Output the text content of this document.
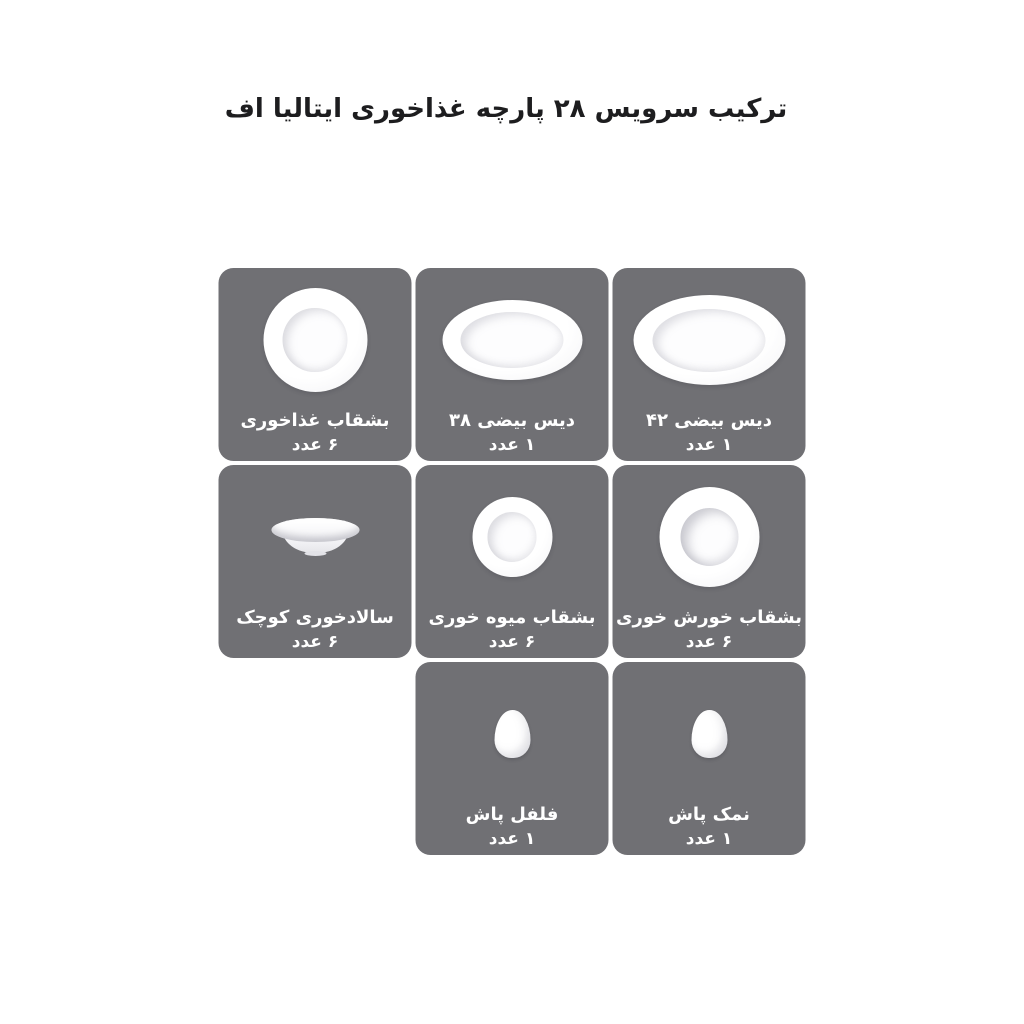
ترکیب سرویس ۲۸ پارچه غذاخوری ایتالیا اف
بشقاب غذاخوری
۶ عدد
دیس بیضی ۳۸
۱ عدد
دیس بیضی ۴۲
۱ عدد
سالادخوری کوچک
۶ عدد
بشقاب میوه خوری
۶ عدد
بشقاب خورش خوری
۶ عدد
فلفل پاش
۱ عدد
نمک پاش
۱ عدد
